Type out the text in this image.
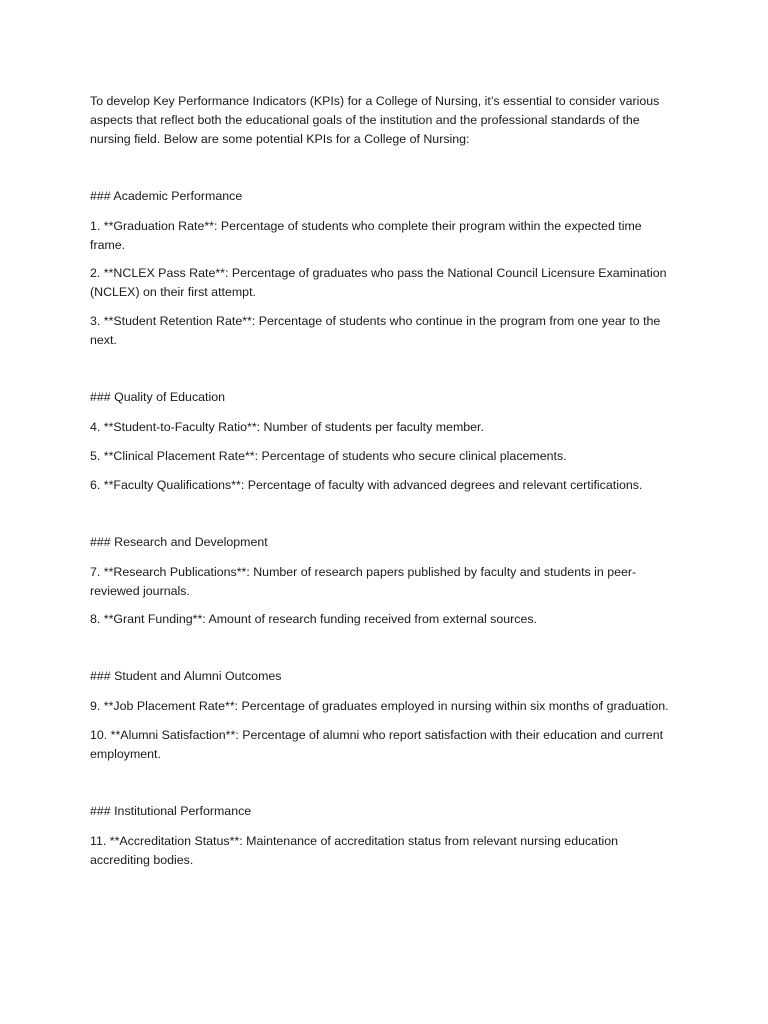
To develop Key Performance Indicators (KPIs) for a College of Nursing, it’s essential to consider various aspects that reflect both the educational goals of the institution and the professional standards of the nursing field. Below are some potential KPIs for a College of Nursing:

### Academic Performance

1. **Graduation Rate**: Percentage of students who complete their program within the expected time frame.

2. **NCLEX Pass Rate**: Percentage of graduates who pass the National Council Licensure Examination (NCLEX) on their first attempt.

3. **Student Retention Rate**: Percentage of students who continue in the program from one year to the next.

### Quality of Education

4. **Student-to-Faculty Ratio**: Number of students per faculty member.

5. **Clinical Placement Rate**: Percentage of students who secure clinical placements.

6. **Faculty Qualifications**: Percentage of faculty with advanced degrees and relevant certifications.

### Research and Development

7. **Research Publications**: Number of research papers published by faculty and students in peer-reviewed journals.

8. **Grant Funding**: Amount of research funding received from external sources.

### Student and Alumni Outcomes

9. **Job Placement Rate**: Percentage of graduates employed in nursing within six months of graduation.

10. **Alumni Satisfaction**: Percentage of alumni who report satisfaction with their education and current employment.

### Institutional Performance

11. **Accreditation Status**: Maintenance of accreditation status from relevant nursing education accrediting bodies.
